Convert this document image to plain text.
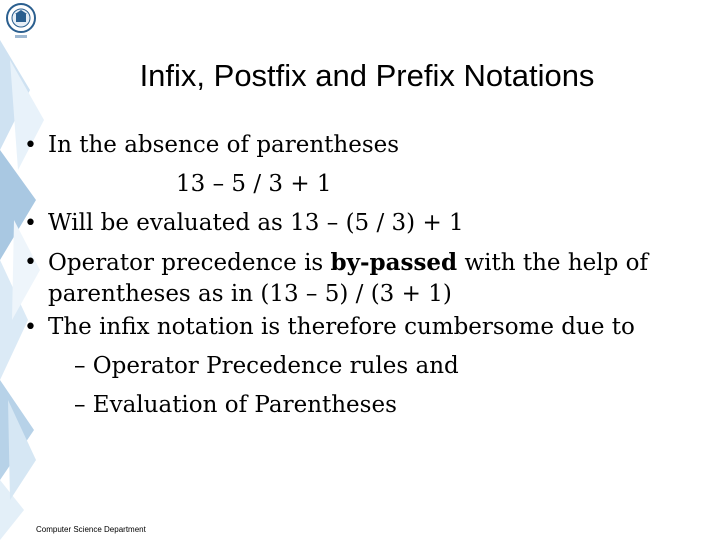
Infix, Postfix and Prefix Notations
• In the absence of parentheses
13 – 5 / 3 + 1
• Will be evaluated as 13 – (5 / 3) + 1
• Operator precedence is by-passed with the help of
parentheses as in (13 – 5) / (3 + 1)
• The infix notation is therefore cumbersome due to
– Operator Precedence rules and
– Evaluation of Parentheses
Computer Science Department
